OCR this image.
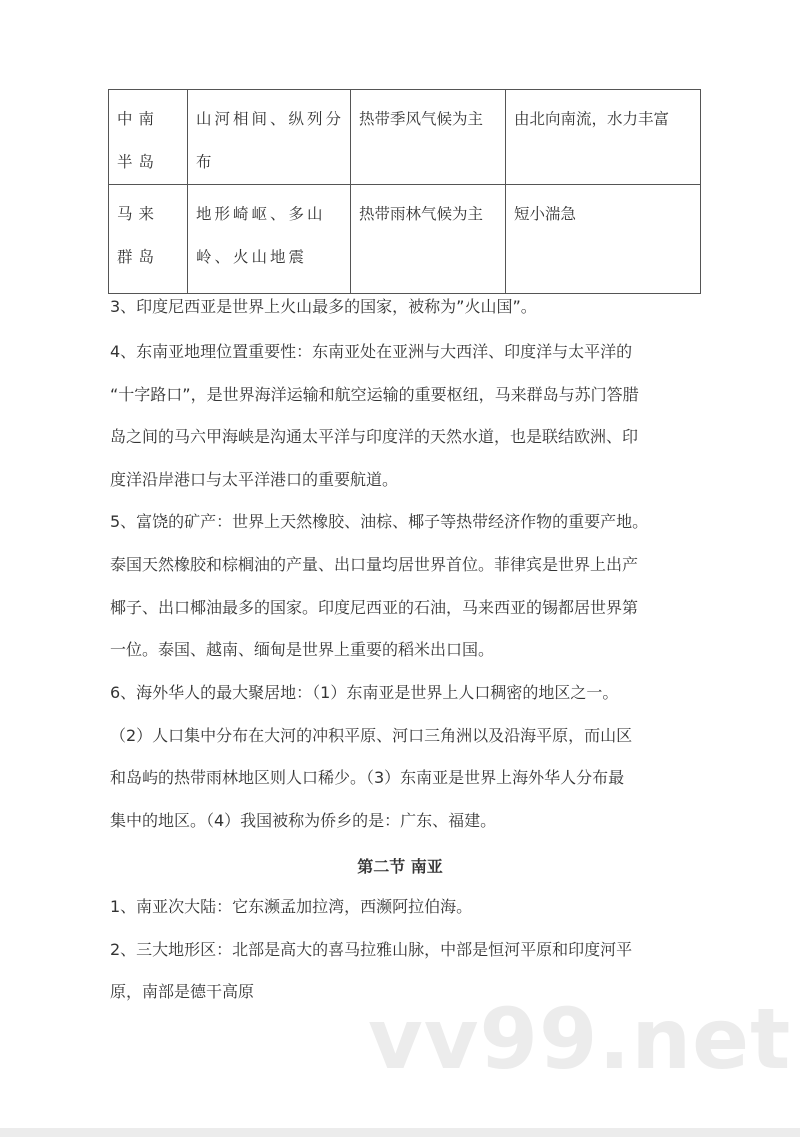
中南半岛	山河相间、纵列分布	热带季风气候为主	由北向南流，水力丰富
马来群岛	地形崎岖、多山岭、火山地震	热带雨林气候为主	短小湍急
3、印度尼西亚是世界上火山最多的国家，被称为”火山国”。
4、东南亚地理位置重要性：东南亚处在亚洲与大西洋、印度洋与太平洋的
“十字路口”，是世界海洋运输和航空运输的重要枢纽，马来群岛与苏门答腊
岛之间的马六甲海峡是沟通太平洋与印度洋的天然水道，也是联结欧洲、印
度洋沿岸港口与太平洋港口的重要航道。
5、富饶的矿产：世界上天然橡胶、油棕、椰子等热带经济作物的重要产地。
泰国天然橡胶和棕榈油的产量、出口量均居世界首位。菲律宾是世界上出产
椰子、出口椰油最多的国家。印度尼西亚的石油，马来西亚的锡都居世界第
一位。泰国、越南、缅甸是世界上重要的稻米出口国。
6、海外华人的最大聚居地：（1）东南亚是世界上人口稠密的地区之一。
（2）人口集中分布在大河的冲积平原、河口三角洲以及沿海平原，而山区
和岛屿的热带雨林地区则人口稀少。（3）东南亚是世界上海外华人分布最
集中的地区。（4）我国被称为侨乡的是：广东、福建。
第二节 南亚
1、南亚次大陆：它东濒孟加拉湾，西濒阿拉伯海。
2、三大地形区：北部是高大的喜马拉雅山脉，中部是恒河平原和印度河平
原，南部是德干高原 vv99.net
